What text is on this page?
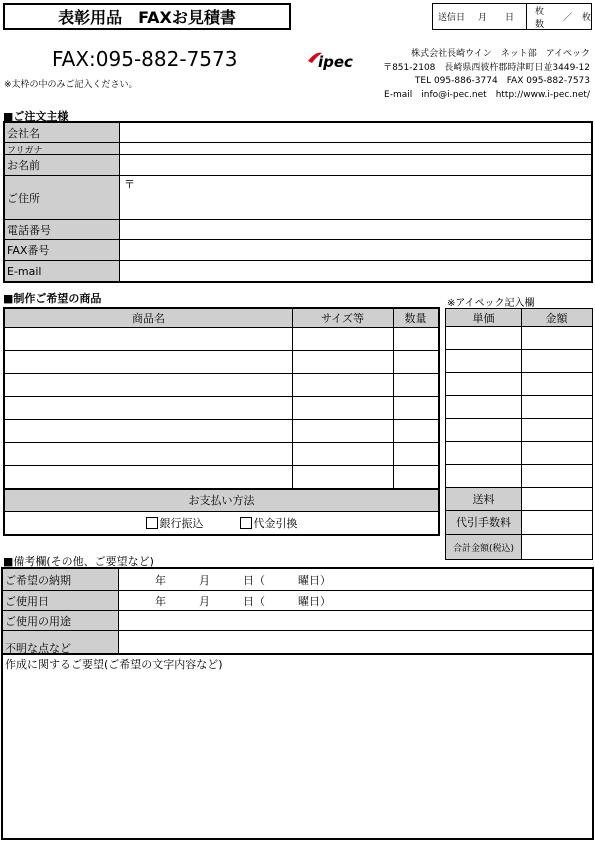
表彰用品　FAXお見積書	送信日 月 日
枚数
／ 枚
FAX:095-882-7573
※太枠の中のみご記入ください。
ipec	株式会社長崎ウイン　ネット部　アイペック
〒851-2108　長崎県西彼杵郡時津町日並3449-12
TEL 095-886-3774　FAX 095-882-7573
E-mail　info@i-pec.net　http://www.i-pec.net/
■ご注文主様
会社名
フリガナ
お名前
ご住所
〒
電話番号
FAX番号
E-mail
■制作ご希望の商品	※アイペック記入欄
商品名	サイズ等	数量
お支払い方法
銀行振込	代金引換
単価	金額
送料
代引手数料
合計金額(税込)
■備考欄(その他、ご要望など)
ご希望の納期	年　　　月　　　日（　　　曜日）
ご使用日	年　　　月　　　日（　　　曜日）
ご使用の用途
不明な点など
作成に関するご要望(ご希望の文字内容など)
